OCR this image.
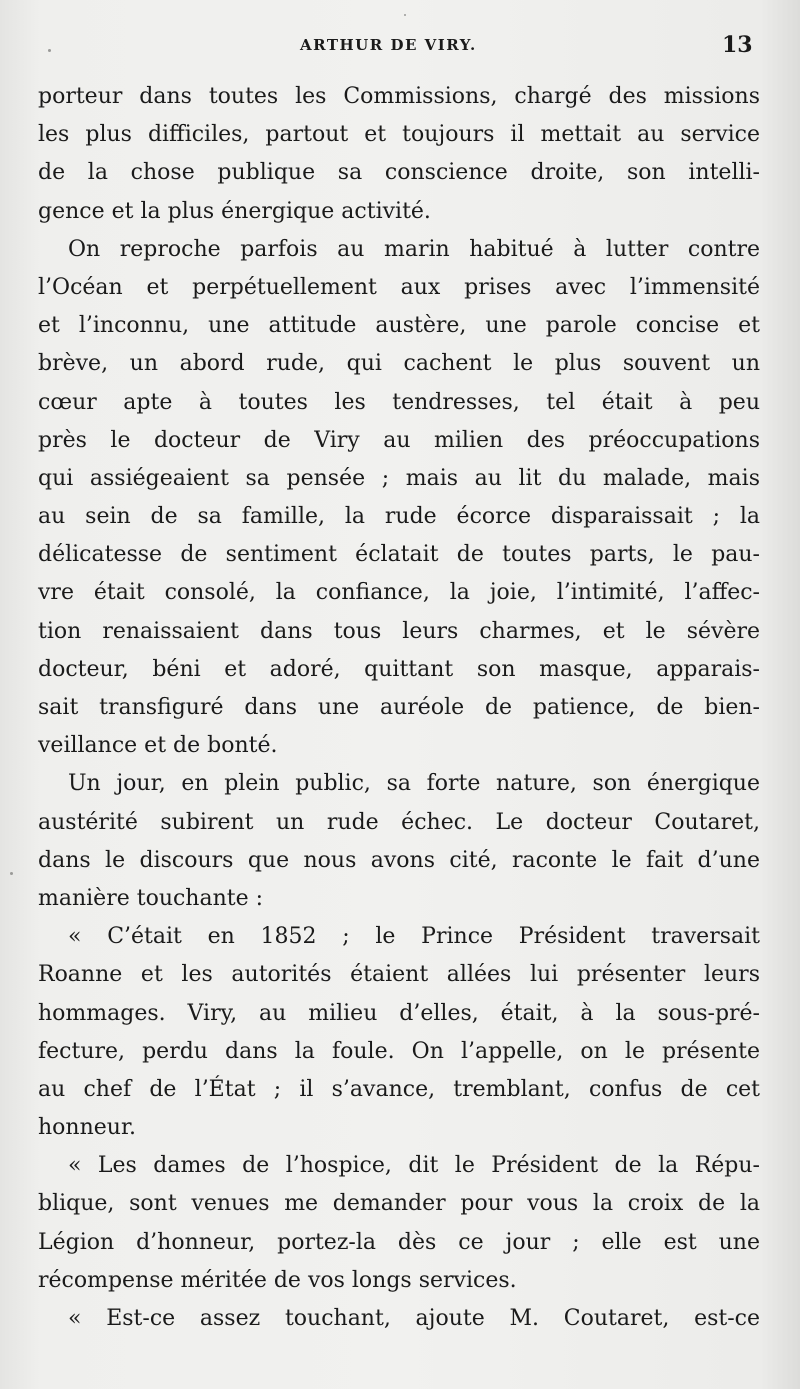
ARTHUR DE VIRY.	13
porteur dans toutes les Commissions, chargé des missions
les plus difficiles, partout et toujours il mettait au service
de la chose publique sa conscience droite, son intelli-
gence et la plus énergique activité.
On reproche parfois au marin habitué à lutter contre
l’Océan et perpétuellement aux prises avec l’immensité
et l’inconnu, une attitude austère, une parole concise et
brève, un abord rude, qui cachent le plus souvent un
cœur apte à toutes les tendresses, tel était à peu
près le docteur de Viry au milien des préoccupations
qui assiégeaient sa pensée ; mais au lit du malade, mais
au sein de sa famille, la rude écorce disparaissait ; la
délicatesse de sentiment éclatait de toutes parts, le pau-
vre était consolé, la confiance, la joie, l’intimité, l’affec-
tion renaissaient dans tous leurs charmes, et le sévère
docteur, béni et adoré, quittant son masque, apparais-
sait transfiguré dans une auréole de patience, de bien-
veillance et de bonté.
Un jour, en plein public, sa forte nature, son énergique
austérité subirent un rude échec. Le docteur Coutaret,
dans le discours que nous avons cité, raconte le fait d’une
manière touchante :
« C’était en 1852 ; le Prince Président traversait
Roanne et les autorités étaient allées lui présenter leurs
hommages. Viry, au milieu d’elles, était, à la sous-pré-
fecture, perdu dans la foule. On l’appelle, on le présente
au chef de l’État ; il s’avance, tremblant, confus de cet
honneur.
« Les dames de l’hospice, dit le Président de la Répu-
blique, sont venues me demander pour vous la croix de la
Légion d’honneur, portez-la dès ce jour ; elle est une
récompense méritée de vos longs services.
« Est-ce assez touchant, ajoute M. Coutaret, est-ce
